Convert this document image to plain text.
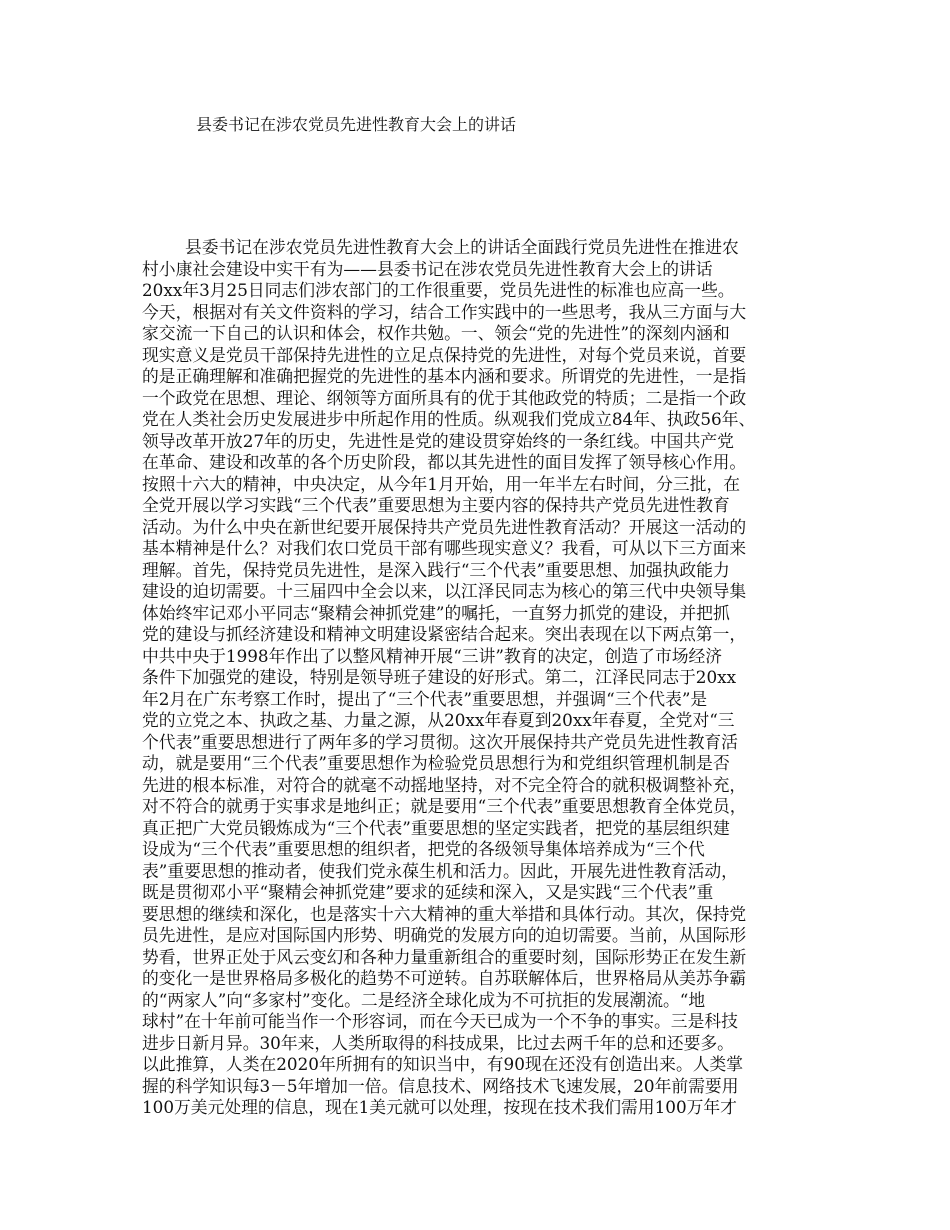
县委书记在涉农党员先进性教育大会上的讲话
县委书记在涉农党员先进性教育大会上的讲话全面践行党员先进性在推进农
村小康社会建设中实干有为——县委书记在涉农党员先进性教育大会上的讲话
20xx年3月25日同志们涉农部门的工作很重要，党员先进性的标准也应高一些。
今天，根据对有关文件资料的学习，结合工作实践中的一些思考，我从三方面与大
家交流一下自己的认识和体会，权作共勉。一、领会“党的先进性”的深刻内涵和
现实意义是党员干部保持先进性的立足点保持党的先进性，对每个党员来说，首要
的是正确理解和准确把握党的先进性的基本内涵和要求。所谓党的先进性，一是指
一个政党在思想、理论、纲领等方面所具有的优于其他政党的特质；二是指一个政
党在人类社会历史发展进步中所起作用的性质。纵观我们党成立84年、执政56年、
领导改革开放27年的历史，先进性是党的建设贯穿始终的一条红线。中国共产党
在革命、建设和改革的各个历史阶段，都以其先进性的面目发挥了领导核心作用。
按照十六大的精神，中央决定，从今年1月开始，用一年半左右时间，分三批，在
全党开展以学习实践“三个代表”重要思想为主要内容的保持共产党员先进性教育
活动。为什么中央在新世纪要开展保持共产党员先进性教育活动？开展这一活动的
基本精神是什么？对我们农口党员干部有哪些现实意义？我看，可从以下三方面来
理解。首先，保持党员先进性，是深入践行“三个代表”重要思想、加强执政能力
建设的迫切需要。十三届四中全会以来，以江泽民同志为核心的第三代中央领导集
体始终牢记邓小平同志“聚精会神抓党建”的嘱托，一直努力抓党的建设，并把抓
党的建设与抓经济建设和精神文明建设紧密结合起来。突出表现在以下两点第一，
中共中央于1998年作出了以整风精神开展“三讲”教育的决定，创造了市场经济
条件下加强党的建设，特别是领导班子建设的好形式。第二，江泽民同志于20xx
年2月在广东考察工作时，提出了“三个代表”重要思想，并强调“三个代表”是
党的立党之本、执政之基、力量之源，从20xx年春夏到20xx年春夏，全党对“三
个代表”重要思想进行了两年多的学习贯彻。这次开展保持共产党员先进性教育活
动，就是要用“三个代表”重要思想作为检验党员思想行为和党组织管理机制是否
先进的根本标准，对符合的就毫不动摇地坚持，对不完全符合的就积极调整补充，
对不符合的就勇于实事求是地纠正；就是要用“三个代表”重要思想教育全体党员，
真正把广大党员锻炼成为“三个代表”重要思想的坚定实践者，把党的基层组织建
设成为“三个代表”重要思想的组织者，把党的各级领导集体培养成为“三个代
表”重要思想的推动者，使我们党永葆生机和活力。因此，开展先进性教育活动，
既是贯彻邓小平“聚精会神抓党建”要求的延续和深入，又是实践“三个代表”重
要思想的继续和深化，也是落实十六大精神的重大举措和具体行动。其次，保持党
员先进性，是应对国际国内形势、明确党的发展方向的迫切需要。当前，从国际形
势看，世界正处于风云变幻和各种力量重新组合的重要时刻，国际形势正在发生新
的变化一是世界格局多极化的趋势不可逆转。自苏联解体后，世界格局从美苏争霸
的“两家人”向“多家村”变化。二是经济全球化成为不可抗拒的发展潮流。“地
球村”在十年前可能当作一个形容词，而在今天已成为一个不争的事实。三是科技
进步日新月异。30年来，人类所取得的科技成果，比过去两千年的总和还要多。
以此推算，人类在2020年所拥有的知识当中，有90现在还没有创造出来。人类掌
握的科学知识每3－5年增加一倍。信息技术、网络技术飞速发展，20年前需要用
100万美元处理的信息，现在1美元就可以处理，按现在技术我们需用100万年才
